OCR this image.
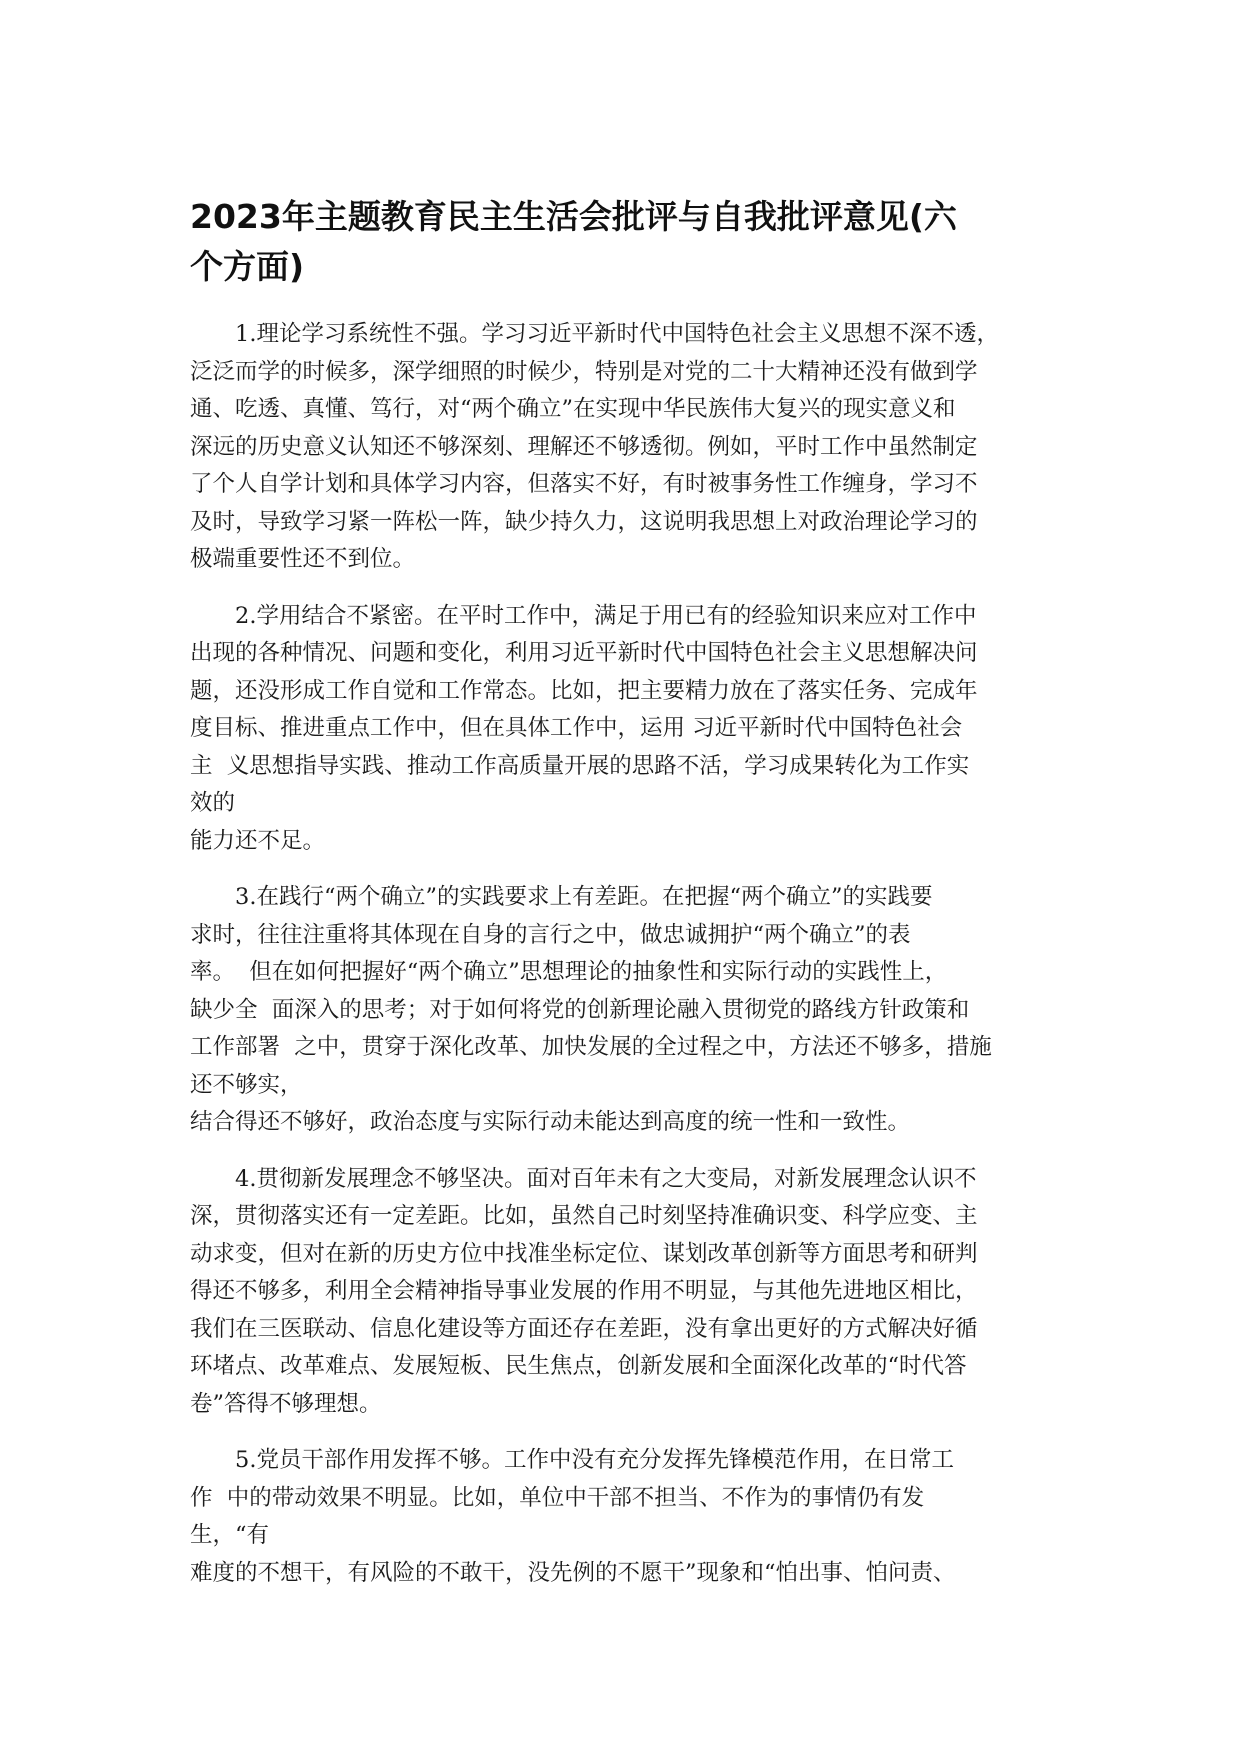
2023年主题教育民主生活会批评与自我批评意见(六
个方面)

1.理论学习系统性不强。学习习近平新时代中国特色社会主义思想不深不透，
泛泛而学的时候多，深学细照的时候少，特别是对党的二十大精神还没有做到学
通、吃透、真懂、笃行，对“两个确立”在实现中华民族伟大复兴的现实意义和
深远的历史意义认知还不够深刻、理解还不够透彻。例如，平时工作中虽然制定
了个人自学计划和具体学习内容，但落实不好，有时被事务性工作缠身，学习不
及时，导致学习紧一阵松一阵，缺少持久力，这说明我思想上对政治理论学习的
极端重要性还不到位。

2.学用结合不紧密。在平时工作中，满足于用已有的经验知识来应对工作中
出现的各种情况、问题和变化，利用习近平新时代中国特色社会主义思想解决问
题，还没形成工作自觉和工作常态。比如，把主要精力放在了落实任务、完成年
度目标、推进重点工作中，但在具体工作中，运用 习近平新时代中国特色社会
主  义思想指导实践、推动工作高质量开展的思路不活，学习成果转化为工作实
效的
能力还不足。

3.在践行“两个确立”的实践要求上有差距。在把握“两个确立”的实践要
求时，往往注重将其体现在自身的言行之中，做忠诚拥护“两个确立”的表
率。  但在如何把握好“两个确立”思想理论的抽象性和实际行动的实践性上，
缺少全  面深入的思考；对于如何将党的创新理论融入贯彻党的路线方针政策和
工作部署  之中，贯穿于深化改革、加快发展的全过程之中，方法还不够多，措施
还不够实，
结合得还不够好，政治态度与实际行动未能达到高度的统一性和一致性。

4.贯彻新发展理念不够坚决。面对百年未有之大变局，对新发展理念认识不
深，贯彻落实还有一定差距。比如，虽然自己时刻坚持准确识变、科学应变、主
动求变，但对在新的历史方位中找准坐标定位、谋划改革创新等方面思考和研判
得还不够多，利用全会精神指导事业发展的作用不明显，与其他先进地区相比，
我们在三医联动、信息化建设等方面还存在差距，没有拿出更好的方式解决好循
环堵点、改革难点、发展短板、民生焦点，创新发展和全面深化改革的“时代答
卷”答得不够理想。

5.党员干部作用发挥不够。工作中没有充分发挥先锋模范作用，在日常工
作  中的带动效果不明显。比如，单位中干部不担当、不作为的事情仍有发
生，“有
难度的不想干，有风险的不敢干，没先例的不愿干”现象和“怕出事、怕问责、
